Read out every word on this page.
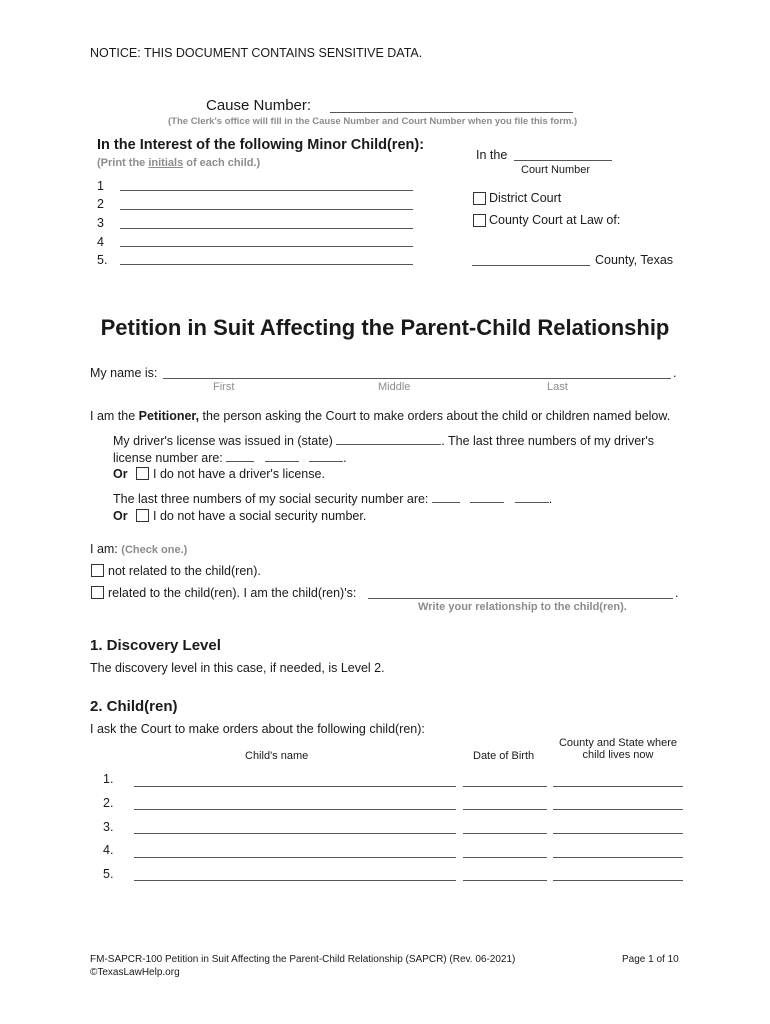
NOTICE: THIS DOCUMENT CONTAINS SENSITIVE DATA.
Cause Number:
(The Clerk's office will fill in the Cause Number and Court Number when you file this form.)
In the Interest of the following Minor Child(ren):
(Print the initials of each child.)
1
2
3
4
5.
In the
Court Number
District Court
County Court at Law of:
County, Texas
Petition in Suit Affecting the Parent-Child Relationship
My name is:	.
First	Middle	Last
I am the Petitioner, the person asking the Court to make orders about the child or children named below.
My driver's license was issued in (state)	. The last three numbers of my driver's
license number are:	.
Or I do not have a driver's license.
The last three numbers of my social security number are:	.
Or I do not have a social security number.
I am: (Check one.)
not related to the child(ren).
related to the child(ren). I am the child(ren)'s:	.
Write your relationship to the child(ren).
1. Discovery Level
The discovery level in this case, if needed, is Level 2.
2. Child(ren)
I ask the Court to make orders about the following child(ren):
Child's name	Date of Birth
County and State where
child lives now
1.
2.
3.
4.
5.
FM-SAPCR-100 Petition in Suit Affecting the Parent-Child Relationship (SAPCR) (Rev. 06-2021)
©TexasLawHelp.org
Page 1 of 10
